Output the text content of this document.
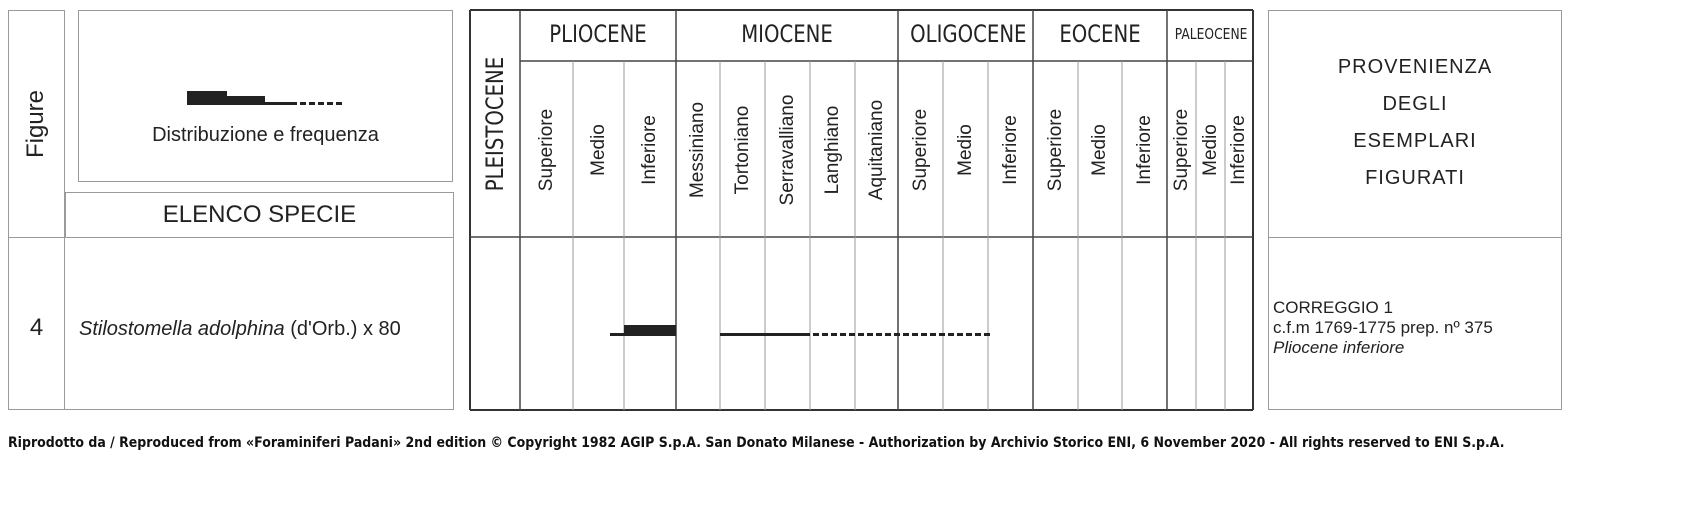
Figure	Distribuzione e frequenza
ELENCO SPECIE
4	Stilostomella adolphina (d'Orb.) x 80
PLEISTOCENE
PLIOCENE
Superiore Medio Inferiore
MIOCENE
Messiniano Tortoniano Serravalliano Langhiano Aquitaniano
OLIGOCENE
Superiore Medio Inferiore
EOCENE
Superiore Medio Inferiore
PALEOCENE
Superiore Medio Inferiore
PROVENIENZA
DEGLI
ESEMPLARI
FIGURATI
CORREGGIO 1
c.f.m 1769-1775 prep. nº 375
Pliocene inferiore
Riprodotto da / Reproduced from «Foraminiferi Padani» 2nd edition © Copyright 1982 AGIP S.p.A. San Donato Milanese - Authorization by Archivio Storico ENI, 6 November 2020 - All rights reserved to ENI S.p.A.
